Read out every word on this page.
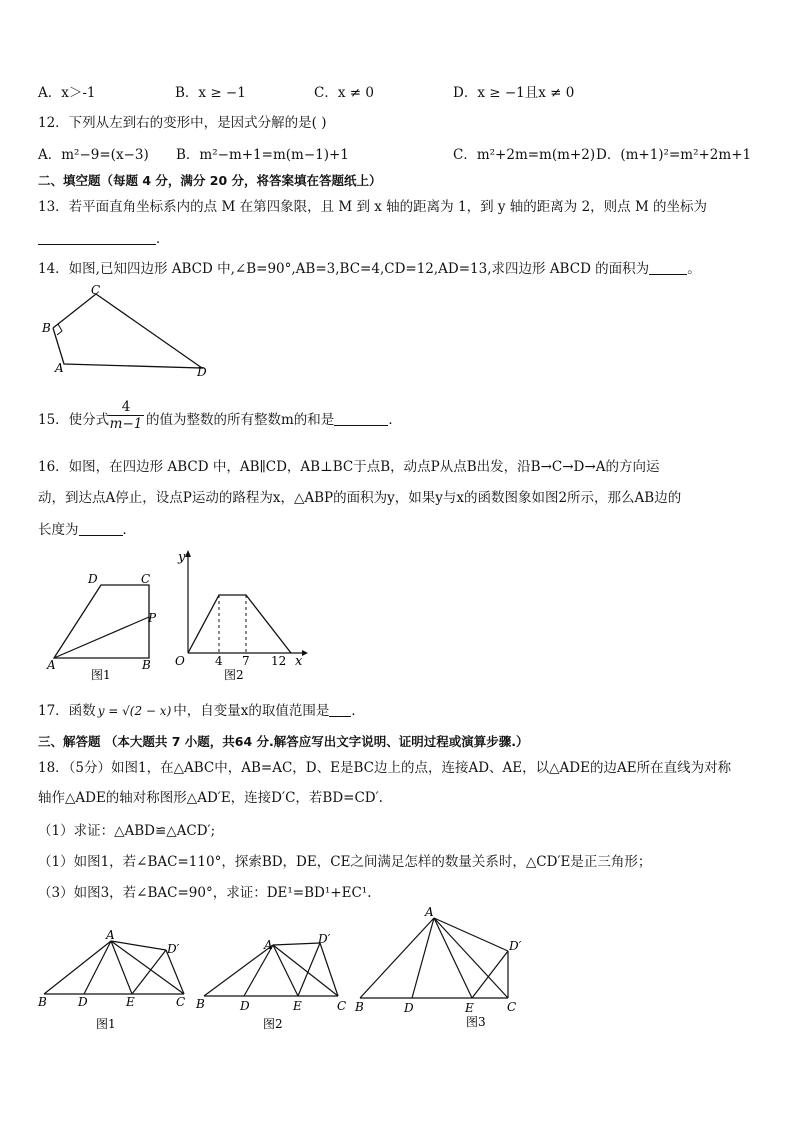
A．x＞-1	B．x ≥ −1	C．x ≠ 0	D．x ≥ −1且x ≠ 0
12．下列从左到右的变形中，是因式分解的是( )
A．m²−9=(x−3) B．m²−m+1=m(m−1)+1	C．m²+2m=m(m+2) D．(m+1)²=m²+2m+1
二、填空题（每题 4 分，满分 20 分，将答案填在答题纸上）
13．若平面直角坐标系内的点 M 在第四象限，且 M 到 x 轴的距离为 1，到 y 轴的距离为 2，则点 M 的坐标为
．
14．如图,已知四边形 ABCD 中,∠B=90°,AB=3,BC=4,CD=12,AD=13,求四边形 ABCD 的面积为	。
B
C
A	D
15．使分式
4
m−1 的值为整数的所有整数m的和是	．
16．如图，在四边形 ABCD 中，AB∥CD，AB⊥BC于点B，动点P从点B出发，沿B→C→D→A的方向运
动，到达点A停止，设点P运动的路程为x，△ABP的面积为y，如果y与x的函数图象如图2所示，那么AB边的
长度为	．
D	C
P
A	B
图1
y
x
O	4 7 12
图2
17．函数 y = √(2 − x) 中，自变量x的取值范围是 ．
三、解答题 （本大题共 7 小题，共64 分.解答应写出文字说明、证明过程或演算步骤.）
18．（5分）如图1，在△ABC中，AB=AC，D、E是BC边上的点，连接AD、AE，以△ADE的边AE所在直线为对称
轴作△ADE的轴对称图形△AD′E，连接D′C，若BD=CD′.
（1）求证：△ABD≌△ACD′;
（1）如图1，若∠BAC=110°，探索BD，DE，CE之间满足怎样的数量关系时，△CD′E是正三角形；
（3）如图3，若∠BAC=90°，求证：DE¹=BD¹+EC¹.
A
D′
B	D	E	C
图1
A	D′
B	D	E	C
图2
A
D′
B	D	E	C
图3
